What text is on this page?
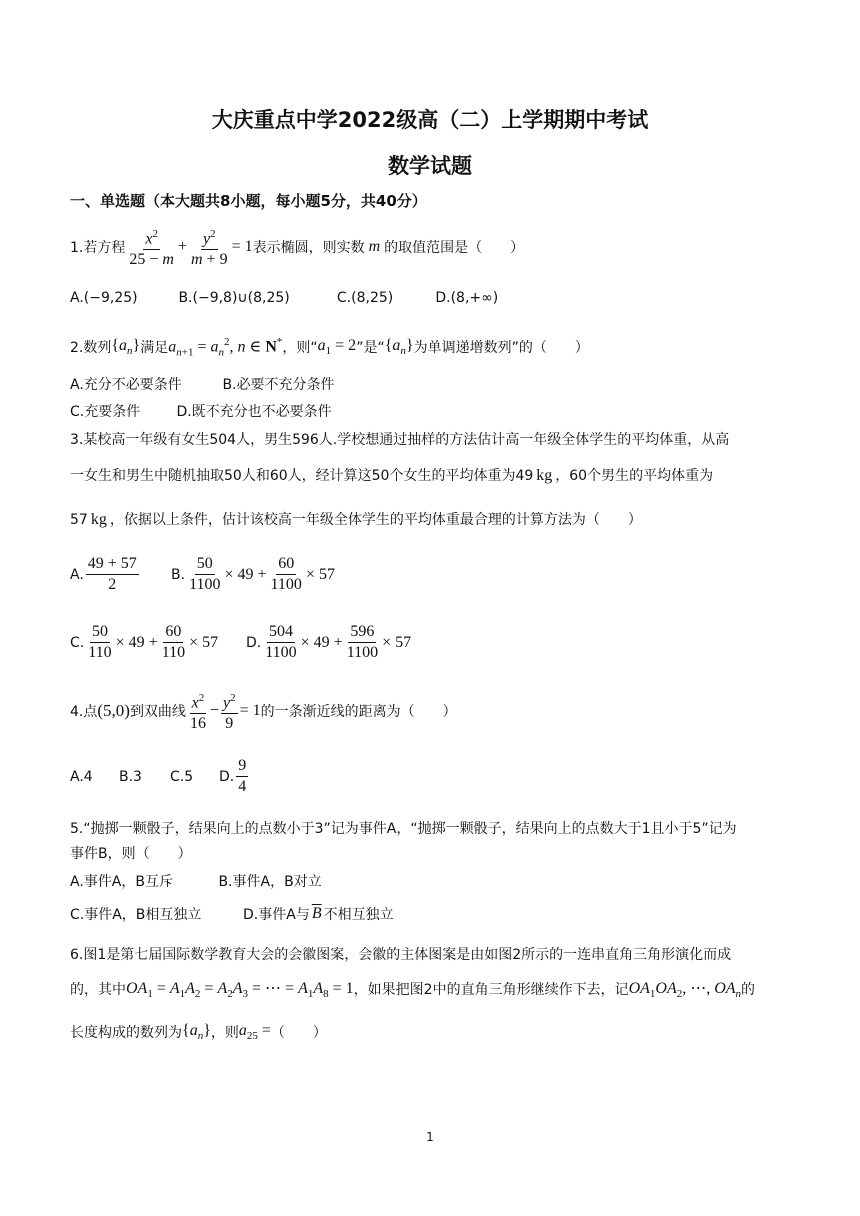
大庆重点中学2022级高（二）上学期期中考试
数学试题
一、单选题（本大题共8小题，每小题5分，共40分）
1.若方程 $\frac{x^2}{25 - m} + \frac{y^2}{m + 9} = 1$ 表示椭圆，则实数 m 的取值范围是（　　）
A.(−9,25)	B.(−9,8)∪(8,25)	C.(8,25)	D.(8,+∞)
2.数列 $\{a_n\}$ 满足 $a_{n+1} = a_n^2$, n ∈ N* ，则“ $a_1 = 2$ ”是“ $\{a_n\}$ 为单调递增数列”的（　　）
A.充分不必要条件	B.必要不充分条件
C.充要条件	D.既不充分也不必要条件
3.某校高一年级有女生504人，男生596人.学校想通过抽样的方法估计高一年级全体学生的平均体重，从高
一女生和男生中随机抽取50人和60人，经计算这50个女生的平均体重为49 kg ，60个男生的平均体重为
57 kg ，依据以上条件，估计该校高一年级全体学生的平均体重最合理的计算方法为（　　）
A. $\frac{49 + 57}{2} B$. $\frac{50}{1100} \times 49 + \frac{60}{1100} \times 57$
C. $\frac{50}{110} \times 49 + \frac{60}{110} \times 57$ D. $\frac{504}{1100} \times 49 + \frac{596}{1100} \times 57$
4.点 (5,0) 到双曲线 $\frac{x^2}{16} - \frac{y^2}{9} = 1$ 的一条渐近线的距离为（　　）
A.4	B.3	C.5	D. $\frac{9}{4}$
5.“抛掷一颗骰子，结果向上的点数小于3”记为事件A，“抛掷一颗骰子，结果向上的点数大于1且小于5”记为
事件B，则（　　）
A.事件A，B互斥	B.事件A，B对立
C.事件A，B相互独立	D.事件A与 $\overline{B}$ 不相互独立
6.图1是第七届国际数学教育大会的会徽图案，会徽的主体图案是由如图2所示的一连串直角三角形演化而成
的，其中 $OA_1 = A_1A_2 = A_2A_3$ = ⋯ = $A_1A_8 = 1$ ，如果把图2中的直角三角形继续作下去，记 $OA_1OA_2$, ⋯, $OA_n$ 的
长度构成的数列为 $\{a_n\}$ ，则 $a_{25}$ = （　　）
1
